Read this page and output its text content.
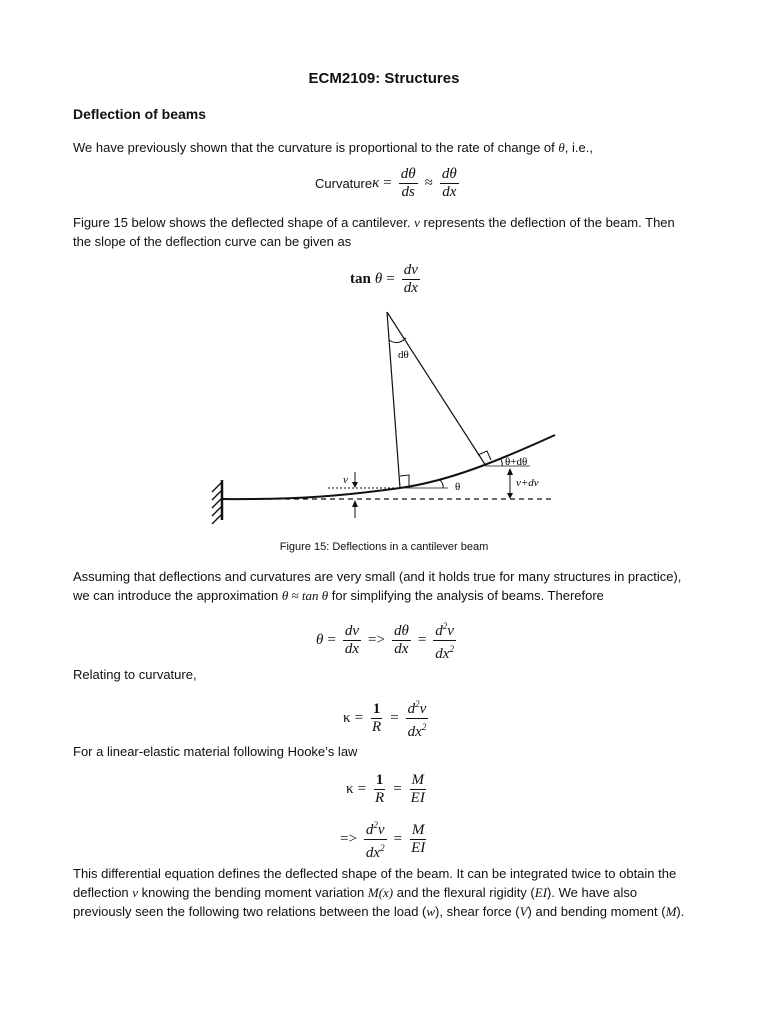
ECM2109: Structures
Deflection of beams
We have previously shown that the curvature is proportional to the rate of change of θ, i.e.,
Curvature $\kappa = \frac{d\theta}{ds} \approx \frac{d\theta}{dx}$
Figure 15 below shows the deflected shape of a cantilever. v represents the deflection of the beam. Then
the slope of the deflection curve can be given as
$\tan \theta = \frac{dv}{dx}$
dθ
θ
θ+dθ
v	v+dv
Figure 15: Deflections in a cantilever beam
Assuming that deflections and curvatures are very small (and it holds true for many structures in practice),
we can introduce the approximation θ ≈ tan θ for simplifying the analysis of beams. Therefore
$\theta = \frac{dv}{dx} => \frac{d\theta}{dx} = \frac{d^2v}{dx^2}$
Relating to curvature,
$\kappa = \frac{1}{R} = \frac{d^2v}{dx^2}$
For a linear-elastic material following Hooke’s law
$\kappa = \frac{1}{R} = \frac{M}{EI}$
=> $\frac{d^2v}{dx^2} = \frac{M}{EI}$
This differential equation defines the deflected shape of the beam. It can be integrated twice to obtain the
deflection v knowing the bending moment variation M(x) and the flexural rigidity (EI). We have also
previously seen the following two relations between the load (w), shear force (V) and bending moment (M).
